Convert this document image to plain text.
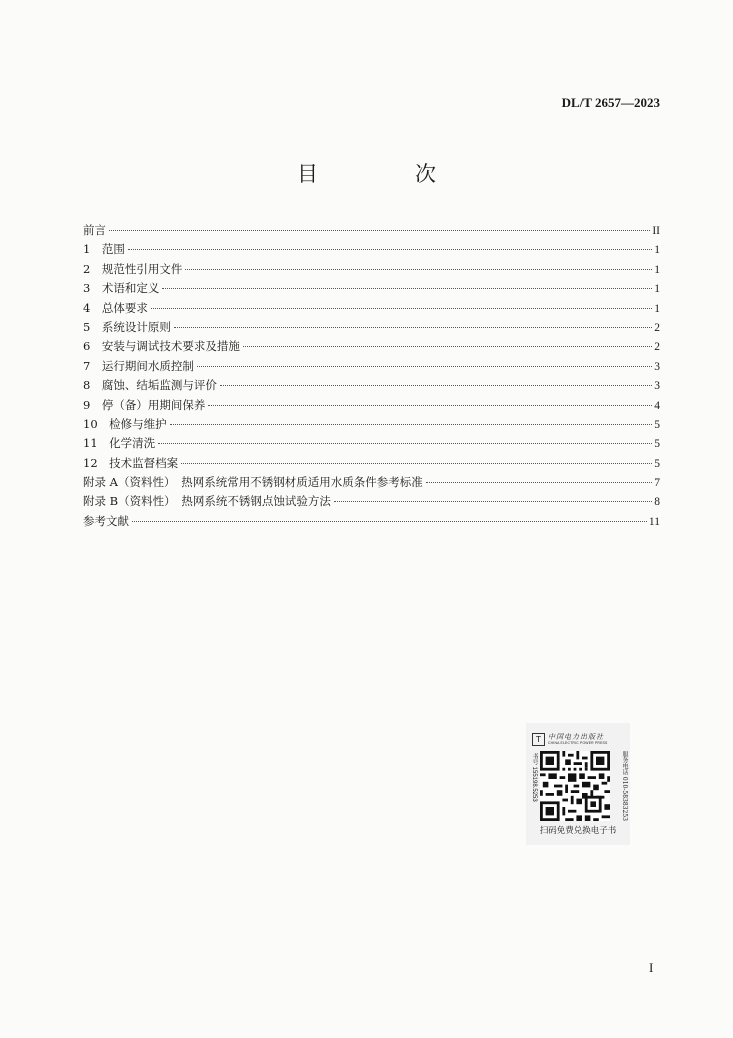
DL/T 2657—2023
目　次
前言	II
1　范围	1
2　规范性引用文件	1
3　术语和定义	1
4　总体要求	1
5　系统设计原则	2
6　安装与调试技术要求及措施	2
7　运行期间水质控制	3
8　腐蚀、结垢监测与评价	3
9　停（备）用期间保养	4
10　检修与维护	5
11　化学清洗	5
12　技术监督档案	5
附录 A（资料性）　热网系统常用不锈钢材质适用水质条件参考标准	7
附录 B（资料性）　热网系统不锈钢点蚀试验方法	8
参考文献	11
T	中国电力出版社
CHINA ELECTRIC POWER PRESS
书号 155198.5253	服务电话 010-58383253
扫码免费兑换电子书
I
